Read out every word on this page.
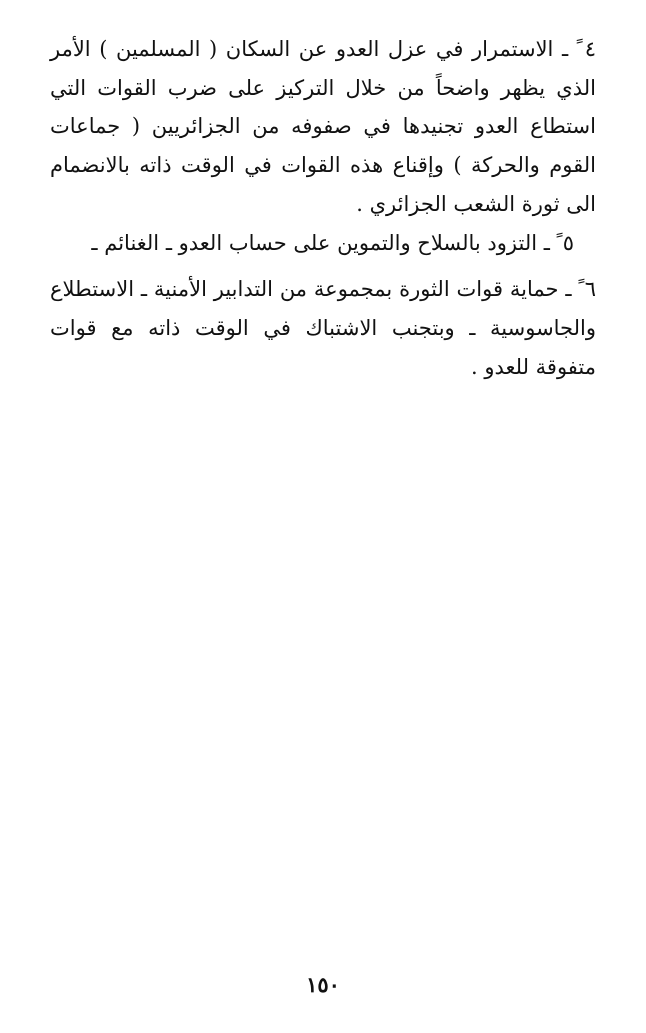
٤ ً ـ الاستمرار في عزل العدو عن السكان ( المسلمين ) الأمر الذي يظهر واضحاً من خلال التركيز على ضرب القوات التي استطاع العدو تجنيدها في صفوفه من الجزائريين ( جماعات القوم والحركة ) وإقناع هذه القوات في الوقت ذاته بالانضمام الى ثورة الشعب الجزائري .

٥ ً ـ التزود بالسلاح والتموين على حساب العدو ـ الغنائم ـ

٦ ً ـ حماية قوات الثورة بمجموعة من التدابير الأمنية ـ الاستطلاع والجاسوسية ـ وبتجنب الاشتباك في الوقت ذاته مع قوات متفوقة للعدو .

١٥٠
